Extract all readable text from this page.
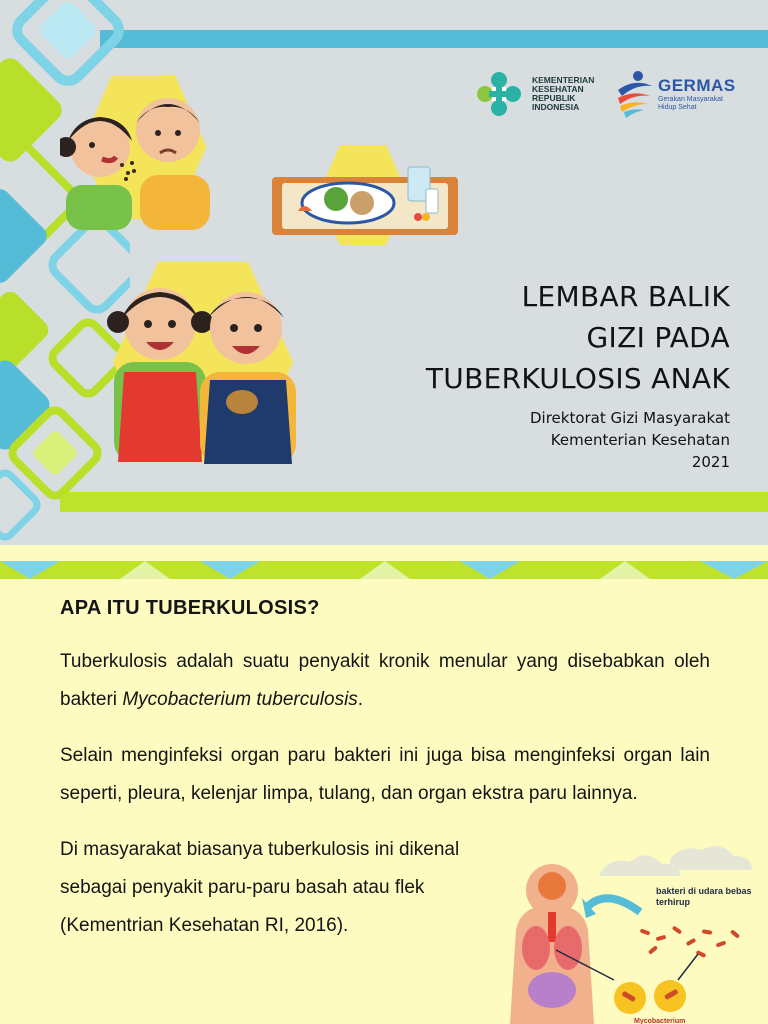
KEMENTERIAN
KESEHATAN
REPUBLIK
INDONESIA
GERMAS
Gerakan Masyarakat
Hidup Sehat
LEMBAR BALIK
GIZI PADA
TUBERKULOSIS ANAK
Direktorat Gizi Masyarakat
Kementerian Kesehatan
2021
APA ITU TUBERKULOSIS?

Tuberkulosis adalah suatu penyakit kronik menular yang disebabkan oleh bakteri Mycobacterium tuberculosis.

Selain menginfeksi organ paru bakteri ini juga bisa menginfeksi organ lain seperti, pleura, kelenjar limpa, tulang, dan organ ekstra paru lainnya.

Di masyarakat biasanya tuberkulosis ini dikenal sebagai penyakit paru-paru basah atau flek (Kementrian Kesehatan RI, 2016).

bakteri di udara bebas
terhirup
Mycobacterium
